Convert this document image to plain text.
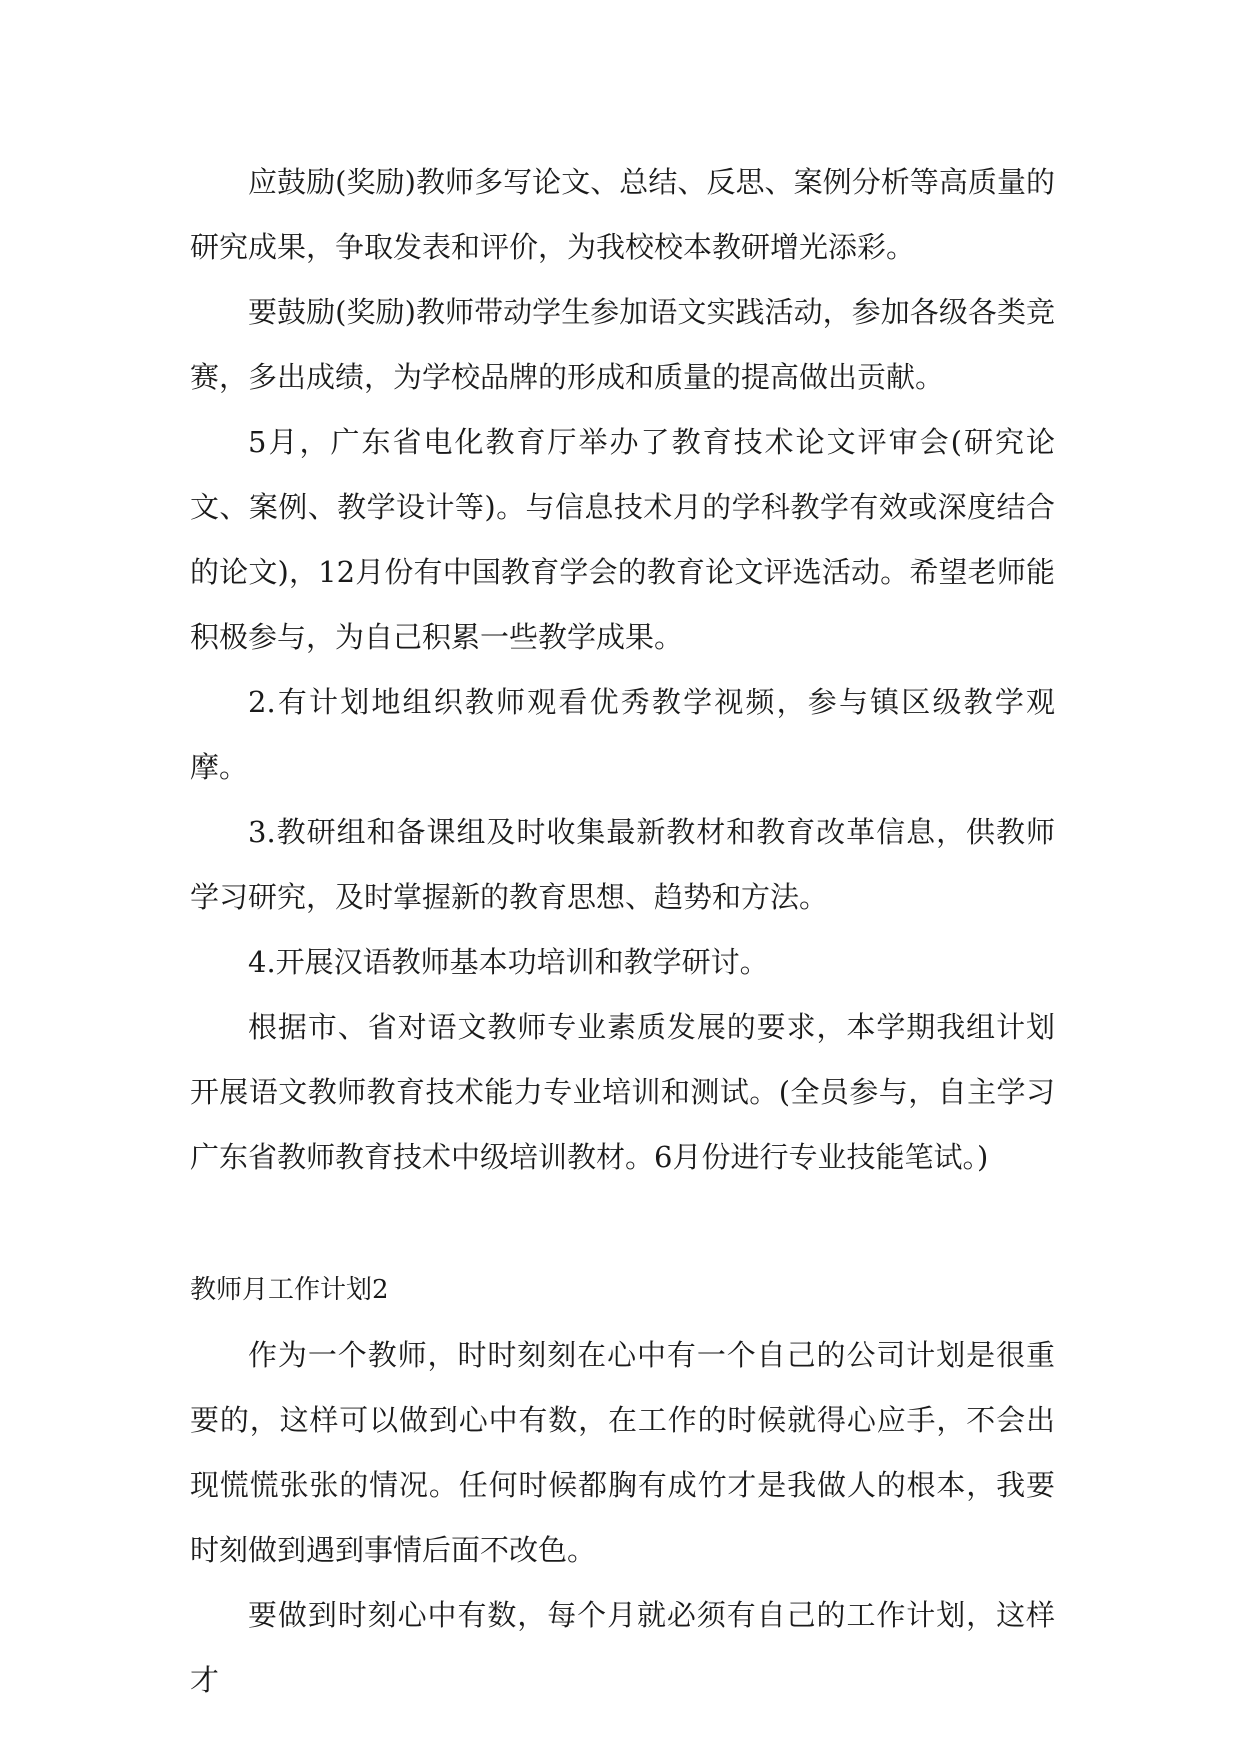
应鼓励(奖励)教师多写论文、总结、反思、案例分析等高质量的研究成果，争取发表和评价，为我校校本教研增光添彩。

要鼓励(奖励)教师带动学生参加语文实践活动，参加各级各类竞赛，多出成绩，为学校品牌的形成和质量的提高做出贡献。

5月，广东省电化教育厅举办了教育技术论文评审会(研究论文、案例、教学设计等)。与信息技术月的学科教学有效或深度结合的论文)，12月份有中国教育学会的教育论文评选活动。希望老师能积极参与，为自己积累一些教学成果。

2.有计划地组织教师观看优秀教学视频，参与镇区级教学观摩。

3.教研组和备课组及时收集最新教材和教育改革信息，供教师学习研究，及时掌握新的教育思想、趋势和方法。

4.开展汉语教师基本功培训和教学研讨。

根据市、省对语文教师专业素质发展的要求，本学期我组计划开展语文教师教育技术能力专业培训和测试。(全员参与，自主学习广东省教师教育技术中级培训教材。6月份进行专业技能笔试。)

教师月工作计划2

作为一个教师，时时刻刻在心中有一个自己的公司计划是很重要的，这样可以做到心中有数，在工作的时候就得心应手，不会出现慌慌张张的情况。任何时候都胸有成竹才是我做人的根本，我要时刻做到遇到事情后面不改色。

要做到时刻心中有数，每个月就必须有自己的工作计划，这样才
